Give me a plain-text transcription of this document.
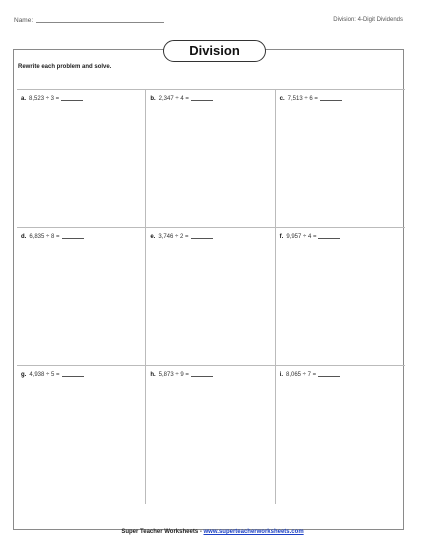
Name:	Division: 4-Digit Dividends
Division
Rewrite each problem and solve.
a. 8,523 ÷ 3 =	b. 2,347 ÷ 4 =	c. 7,513 ÷ 6 =
d. 6,835 ÷ 8 =	e. 3,746 ÷ 2 =	f. 9,957 ÷ 4 =
g. 4,938 ÷ 5 =	h. 5,873 ÷ 9 =	i. 8,065 ÷ 7 =
Super Teacher Worksheets - www.superteacherworksheets.com
